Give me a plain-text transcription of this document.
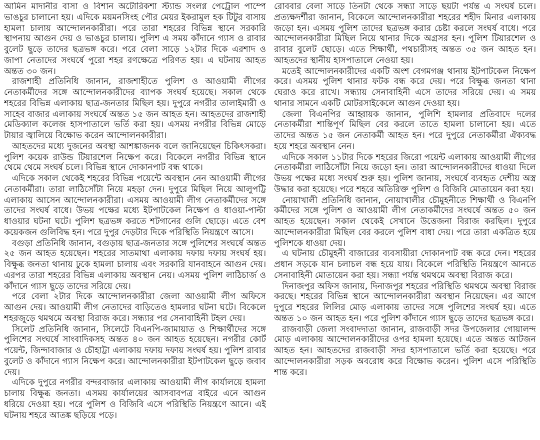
আমিন মাদানীর বাসা ও বিশান অটোরিকশা স্ট্যান্ড সংলগ্ন পেট্রোল পাম্পে ভাঙচুর চালানো হয়। এদিকে ময়মনসিংহ পৌর মেয়র ইকরামুল হক টিটুর বাসায় হামলা চালায় আন্দোলনকারীরা। পরে তারা শহরের বিভিন্ন স্থানে সরকারি স্থাপনায় আগুন দেয় ও ভাঙচুর চালায়। পুলিশ এ সময় কাঁদানে গ্যাস ও রাবার বুলেট ছুড়ে তাদের ছত্রভঙ্গ করে। পরে বেলা সাড়ে ১২টার দিকে এরশাদ ও জাপা নেতাদের সংঘর্ষে পুরো শহর রণক্ষেত্রে পরিণত হয়। এ ঘটনায় আহত অন্তত ৩০ জন।

রাজশাহী প্রতিনিধি জানান, রাজশাহীতে পুলিশ ও আওয়ামী লীগের নেতাকর্মীদের সঙ্গে আন্দোলনকারীদের ব্যাপক সংঘর্ষ হয়েছে। সকাল থেকে শহরের বিভিন্ন এলাকায় ছাত্র-জনতার মিছিল হয়। দুপুরে নগরীর তালাইমারী ও সাহেব বাজার এলাকায় সংঘর্ষে অন্তত ১৫ জন আহত হন। আহতদের রাজশাহী মেডিক্যাল কলেজ হাসপাতালে ভর্তি করা হয়। এসময় নগরীর বিভিন্ন মোড়ে টায়ার জ্বালিয়ে বিক্ষোভ করেন আন্দোলনকারীরা।

আহতদের মধ্যে দুজনের অবস্থা আশঙ্কাজনক বলে জানিয়েছেন চিকিৎসকরা। পুলিশ কয়েক রাউন্ড টিয়ারশেল নিক্ষেপ করে। বিকেলে নগরীর বিভিন্ন স্থানে থেমে থেমে সংঘর্ষ চলে। বিভিন্ন স্থানে দোকানপাট বন্ধ থাকে।

এদিকে সকাল থেকেই শহরের বিভিন্ন পয়েন্টে অবস্থান নেন আওয়ামী লীগের নেতাকর্মীরা। তারা লাঠিসোঁটা নিয়ে মহড়া দেন। দুপুরে মিছিল নিয়ে আলুপট্টি এলাকায় আসেন আন্দোলনকারীরা। এসময় আওয়ামী লীগ নেতাকর্মীদের সঙ্গে তাদের সংঘর্ষ বাধে। উভয় পক্ষের মধ্যে ইটপাটকেল নিক্ষেপ ও ধাওয়া-পাল্টা ধাওয়ার ঘটনা ঘটে। পুলিশ ছত্রভঙ্গ করতে শটগানের গুলি ছোড়ে। এতে বেশ কয়েকজন গুলিবিদ্ধ হন। পরে দুপুর দেড়টার দিকে পরিস্থিতি নিয়ন্ত্রণে আসে।

বগুড়া প্রতিনিধি জানান, বগুড়ায় ছাত্র-জনতার সঙ্গে পুলিশের সংঘর্ষে অন্তত ২৫ জন আহত হয়েছেন। শহরের সাতমাথা এলাকায় দফায় দফায় সংঘর্ষ হয়। বিক্ষুব্ধ জনতা থানায় ঢুকে হামলা চালায় এবং সরকারি যানবাহনে আগুন দেয়। এরপর তারা শহরের বিভিন্ন এলাকায় অবস্থান নেয়। এসময় পুলিশ লাঠিচার্জ ও কাঁদানে গ্যাস ছুড়ে তাদের সরিয়ে দেয়।

পরে বেলা ২টার দিকে আন্দোলনকারীরা জেলা আওয়ামী লীগ অফিসে আগুন দেয়। আওয়ামী লীগ নেতাদের বাড়িতেও হামলার ঘটনা ঘটে। বিকেলে শহরজুড়ে থমথমে অবস্থা বিরাজ করে। সন্ধ্যার পর সেনাবাহিনী টহল দেয়।

সিলেট প্রতিনিধি জানান, সিলেটে বিএনপি-জামায়াত ও শিক্ষার্থীদের সঙ্গে পুলিশের সংঘর্ষে সাংবাদিকসহ অন্তত ৪০ জন আহত হয়েছেন। নগরীর কোর্ট পয়েন্ট, জিন্দাবাজার ও চৌহাট্টা এলাকায় দফায় দফায় সংঘর্ষ হয়। পুলিশ রাবার বুলেট ও কাঁদানে গ্যাস নিক্ষেপ করে। আন্দোলনকারীরা ইটপাটকেল ছুড়ে জবাব দেয়।

এদিকে দুপুরে নগরীর বন্দরবাজার এলাকায় আওয়ামী লীগ কার্যালয়ে হামলা চালায় বিক্ষুব্ধ জনতা। এসময় কার্যালয়ের আসবাবপত্র বাইরে এনে আগুন ধরিয়ে দেওয়া হয়। পরে পুলিশ ও বিজিবি এসে পরিস্থিতি নিয়ন্ত্রণে আনে। এই ঘটনায় শহরে আতঙ্ক ছড়িয়ে পড়ে।

রোববার বেলা সাড়ে তিনটা থেকে সন্ধ্যা সাড়ে ছয়টা পর্যন্ত এ সংঘর্ষ চলে। প্রত্যক্ষদর্শীরা জানান, বিকেলে আন্দোলনকারীরা শহরের শহীদ মিনার এলাকায় জড়ো হন। এসময় পুলিশ তাদের ছত্রভঙ্গ করার চেষ্টা করলে সংঘর্ষ বাধে। পরে আন্দোলনকারীরা মিছিল নিয়ে থানার দিকে অগ্রসর হন। পুলিশ টিয়ারশেল ও রাবার বুলেট ছোড়ে। এতে শিক্ষার্থী, পথচারীসহ অন্তত ৩৫ জন আহত হন। আহতদের স্থানীয় হাসপাতালে নেওয়া হয়।

মতেই আন্দোলনকারীদের একটি অংশ বেগমগঞ্জ থানায় ইটপাটকেল নিক্ষেপ করে। এসময় পুলিশ থানার ফটক বন্ধ করে দেয়। পরে বিক্ষুব্ধ জনতা থানা ঘেরাও করে রাখে। সন্ধ্যায় সেনাবাহিনী এসে তাদের সরিয়ে দেয়। এ সময় থানার সামনে একটি মোটরসাইকেলে আগুন দেওয়া হয়।

জেলা বিএনপির আহ্বায়ক জানান, পুলিশি হামলার প্রতিবাদে দলের নেতাকর্মীরা শান্তিপূর্ণ মিছিল বের করলে তাতে হামলা চালানো হয়। এতে তাদের অন্তত ১৫ জন নেতাকর্মী আহত হন। পরে দুপুরে নেতাকর্মীরা ঐক্যবদ্ধ হয়ে শহরে অবস্থান নেন।

এদিকে সকাল ১১টার দিকে শহরের জিরো পয়েন্ট এলাকায় আওয়ামী লীগের নেতাকর্মীরা লাঠিসোঁটা নিয়ে জড়ো হন। তারা আন্দোলনকারীদের ধাওয়া দিলে উভয় পক্ষের মধ্যে সংঘর্ষ শুরু হয়। পুলিশ জানায়, সংঘর্ষে ব্যবহৃত দেশীয় অস্ত্র উদ্ধার করা হয়েছে। পরে শহরে অতিরিক্ত পুলিশ ও বিজিবি মোতায়েন করা হয়।

নোয়াখালী প্রতিনিধি জানান, নোয়াখালীর চৌমুহনীতে শিক্ষার্থী ও বিএনপি কর্মীদের সঙ্গে পুলিশ ও আওয়ামী লীগ নেতাকর্মীদের সংঘর্ষে অন্তত ৫০ জন আহত হয়েছেন। সকাল থেকেই সেখানে উত্তেজনা বিরাজ করছিল। দুপুরে আন্দোলনকারীরা মিছিল বের করলে পুলিশ বাধা দেয়। পরে তারা একত্রিত হয়ে পুলিশকে ধাওয়া দেয়।

এ ঘটনায় চৌমুহনী বাজারের ব্যবসায়ীরা দোকানপাট বন্ধ করে দেন। শহরের প্রধান সড়কে যান চলাচল বন্ধ হয়ে যায়। বিকেলে পরিস্থিতি নিয়ন্ত্রণে আনতে সেনাবাহিনী মোতায়েন করা হয়। সন্ধ্যা পর্যন্ত থমথমে অবস্থা বিরাজ করে।

দিনাজপুর অফিস জানায়, দিনাজপুর শহরের পরিস্থিতি থমথমে অবস্থা বিরাজ করছে। শহরের বিভিন্ন স্থানে আন্দোলনকারীরা অবস্থান নিয়েছেন। এর আগে দুপুরে শহরের লিলির মোড় এলাকায় তাদের সঙ্গে পুলিশের সংঘর্ষ হয়। এতে অন্তত ১০ জন আহত হন। পরে পুলিশ কাঁদানে গ্যাস ছুড়ে তাদের ছত্রভঙ্গ করে।

রাজবাড়ী জেলা সংবাদদাতা জানান, রাজবাড়ী সদর উপজেলার গোয়ালন্দ মোড় এলাকায় আন্দোলনকারীদের ওপর হামলা হয়েছে। এতে অন্তত আটজন আহত হন। আহতদের রাজবাড়ী সদর হাসপাতালে ভর্তি করা হয়েছে। পরে আন্দোলনকারীরা সড়ক অবরোধ করে বিক্ষোভ করেন। পুলিশ এসে পরিস্থিতি শান্ত করে।
